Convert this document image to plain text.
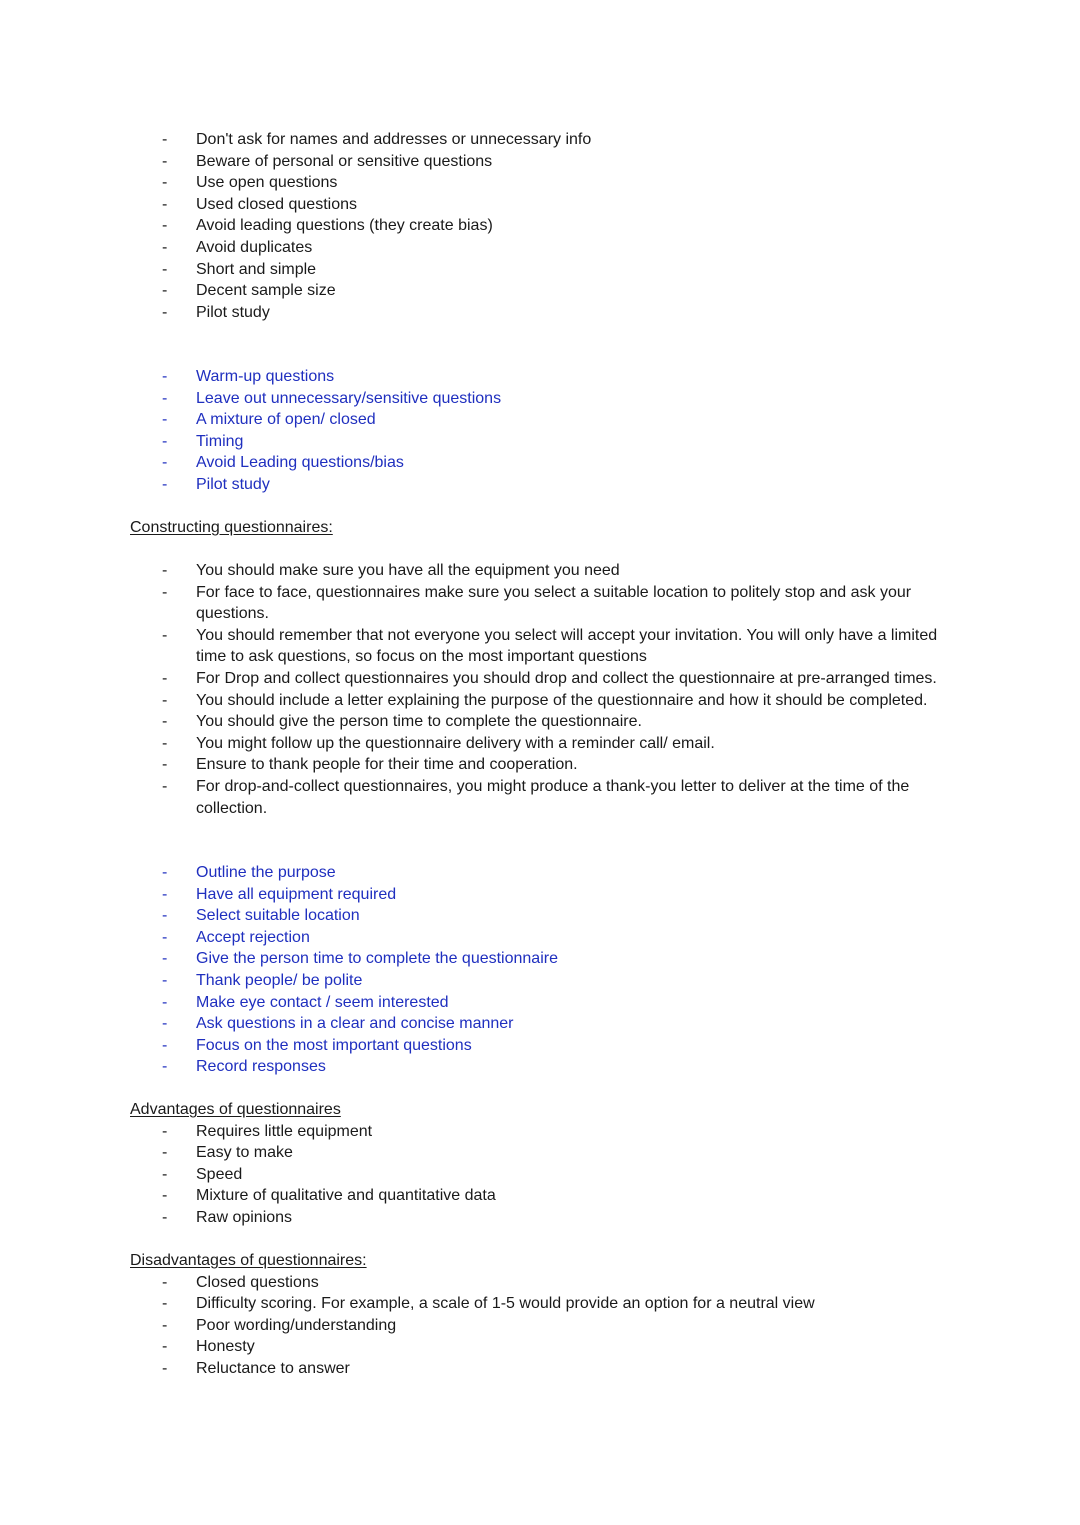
- Don't ask for names and addresses or unnecessary info
- Beware of personal or sensitive questions
- Use open questions
- Used closed questions
- Avoid leading questions (they create bias)
- Avoid duplicates
- Short and simple
- Decent sample size
- Pilot study
- Warm-up questions
- Leave out unnecessary/sensitive questions
- A mixture of open/ closed
- Timing
- Avoid Leading questions/bias
- Pilot study

Constructing questionnaires:

- You should make sure you have all the equipment you need
- For face to face, questionnaires make sure you select a suitable location to politely stop and ask your questions.
- You should remember that not everyone you select will accept your invitation. You will only have a limited time to ask questions, so focus on the most important questions
- For Drop and collect questionnaires you should drop and collect the questionnaire at pre-arranged times.
- You should include a letter explaining the purpose of the questionnaire and how it should be completed.
- You should give the person time to complete the questionnaire.
- You might follow up the questionnaire delivery with a reminder call/ email.
- Ensure to thank people for their time and cooperation.
- For drop-and-collect questionnaires, you might produce a thank-you letter to deliver at the time of the collection.
- Outline the purpose
- Have all equipment required
- Select suitable location
- Accept rejection
- Give the person time to complete the questionnaire
- Thank people/ be polite
- Make eye contact / seem interested
- Ask questions in a clear and concise manner
- Focus on the most important questions
- Record responses

Advantages of questionnaires

- Requires little equipment
- Easy to make
- Speed
- Mixture of qualitative and quantitative data
- Raw opinions

Disadvantages of questionnaires:

- Closed questions
- Difficulty scoring. For example, a scale of 1-5 would provide an option for a neutral view
- Poor wording/understanding
- Honesty
- Reluctance to answer
